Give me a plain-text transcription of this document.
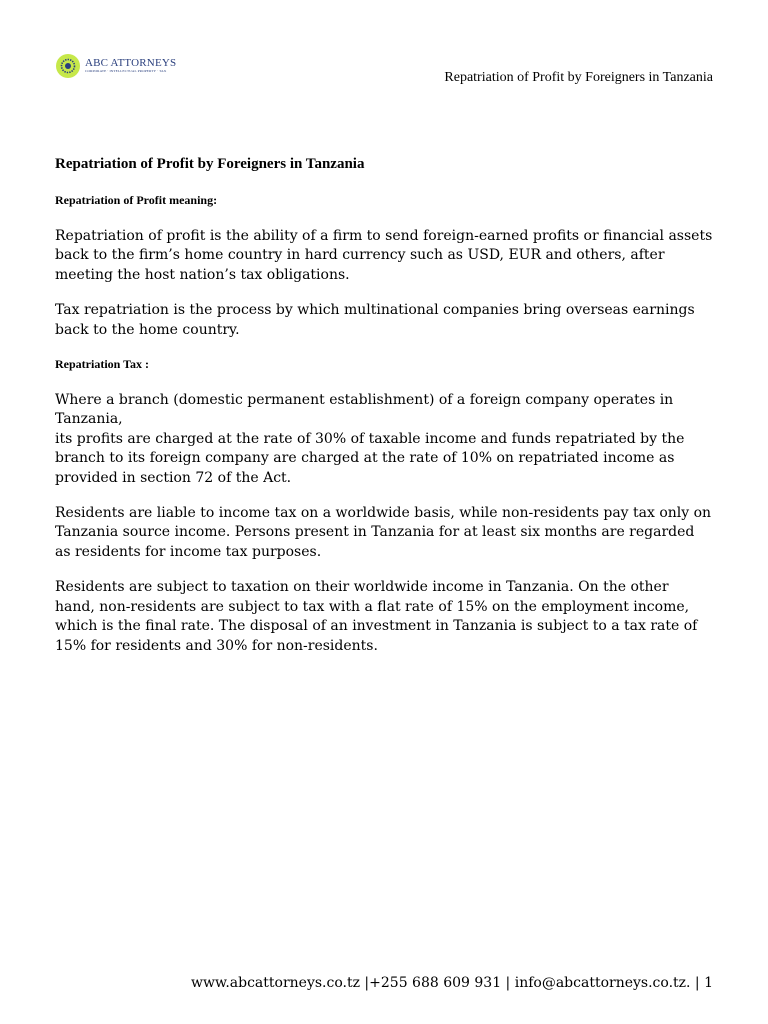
ABC ATTORNEYS
CORPORATE · INTELLECTUAL PROPERTY · TAX	Repatriation of Profit by Foreigners in Tanzania
Repatriation of Profit by Foreigners in Tanzania
Repatriation of Profit meaning:

Repatriation of profit is the ability of a firm to send foreign-earned profits or financial assets
back to the firm’s home country in hard currency such as USD, EUR and others, after
meeting the host nation’s tax obligations.

Tax repatriation is the process by which multinational companies bring overseas earnings
back to the home country.

Repatriation Tax :

Where a branch (domestic permanent establishment) of a foreign company operates in
Tanzania,
its profits are charged at the rate of 30% of taxable income and funds repatriated by the
branch to its foreign company are charged at the rate of 10% on repatriated income as
provided in section 72 of the Act.

Residents are liable to income tax on a worldwide basis, while non-residents pay tax only on
Tanzania source income. Persons present in Tanzania for at least six months are regarded
as residents for income tax purposes.

Residents are subject to taxation on their worldwide income in Tanzania. On the other
hand, non-residents are subject to tax with a flat rate of 15% on the employment income,
which is the final rate. The disposal of an investment in Tanzania is subject to a tax rate of
15% for residents and 30% for non-residents.

www.abcattorneys.co.tz |+255 688 609 931 | info@abcattorneys.co.tz. | 1
